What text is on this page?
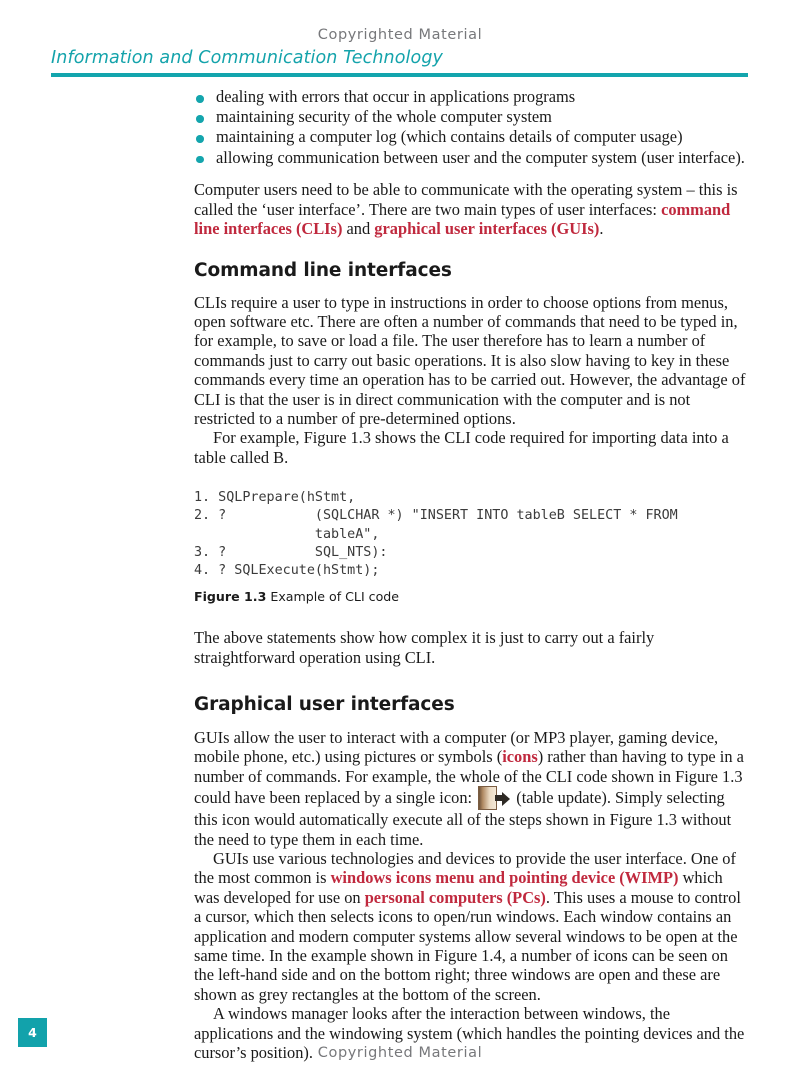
Copyrighted Material
Information and Communication Technology
dealing with errors that occur in applications programs
maintaining security of the whole computer system
maintaining a computer log (which contains details of computer usage)
allowing communication between user and the computer system (user interface).

Computer users need to be able to communicate with the operating system – this is called the ‘user interface’. There are two main types of user interfaces: command line interfaces (CLIs) and graphical user interfaces (GUIs).

Command line interfaces

CLIs require a user to type in instructions in order to choose options from menus, open software etc. There are often a number of commands that need to be typed in, for example, to save or load a file. The user therefore has to learn a number of commands just to carry out basic operations. It is also slow having to key in these commands every time an operation has to be carried out. However, the advantage of CLI is that the user is in direct communication with the computer and is not restricted to a number of pre-determined options.

For example, Figure 1.3 shows the CLI code required for importing data into a table called B.

1. SQLPrepare(hStmt,
2. ?           (SQLCHAR *) "INSERT INTO tableB SELECT * FROM
tableA",
3. ?           SQL_NTS):
4. ? SQLExecute(hStmt);
Figure 1.3 Example of CLI code

The above statements show how complex it is just to carry out a fairly straightforward operation using CLI.

Graphical user interfaces

GUIs allow the user to interact with a computer (or MP3 player, gaming device, mobile phone, etc.) using pictures or symbols (icons) rather than having to type in a number of commands. For example, the whole of the CLI code shown in Figure 1.3 could have been replaced by a single icon:
(table update). Simply selecting this icon would automatically execute all of the steps shown in Figure 1.3 without the need to type them in each time.

GUIs use various technologies and devices to provide the user interface. One of the most common is windows icons menu and pointing device (WIMP) which was developed for use on personal computers (PCs). This uses a mouse to control a cursor, which then selects icons to open/run windows. Each window contains an application and modern computer systems allow several windows to be open at the same time. In the example shown in Figure 1.4, a number of icons can be seen on the left-hand side and on the bottom right; three windows are open and these are shown as grey rectangles at the bottom of the screen.

A windows manager looks after the interaction between windows, the applications and the windowing system (which handles the pointing devices and the cursor’s position).

4
Copyrighted Material
